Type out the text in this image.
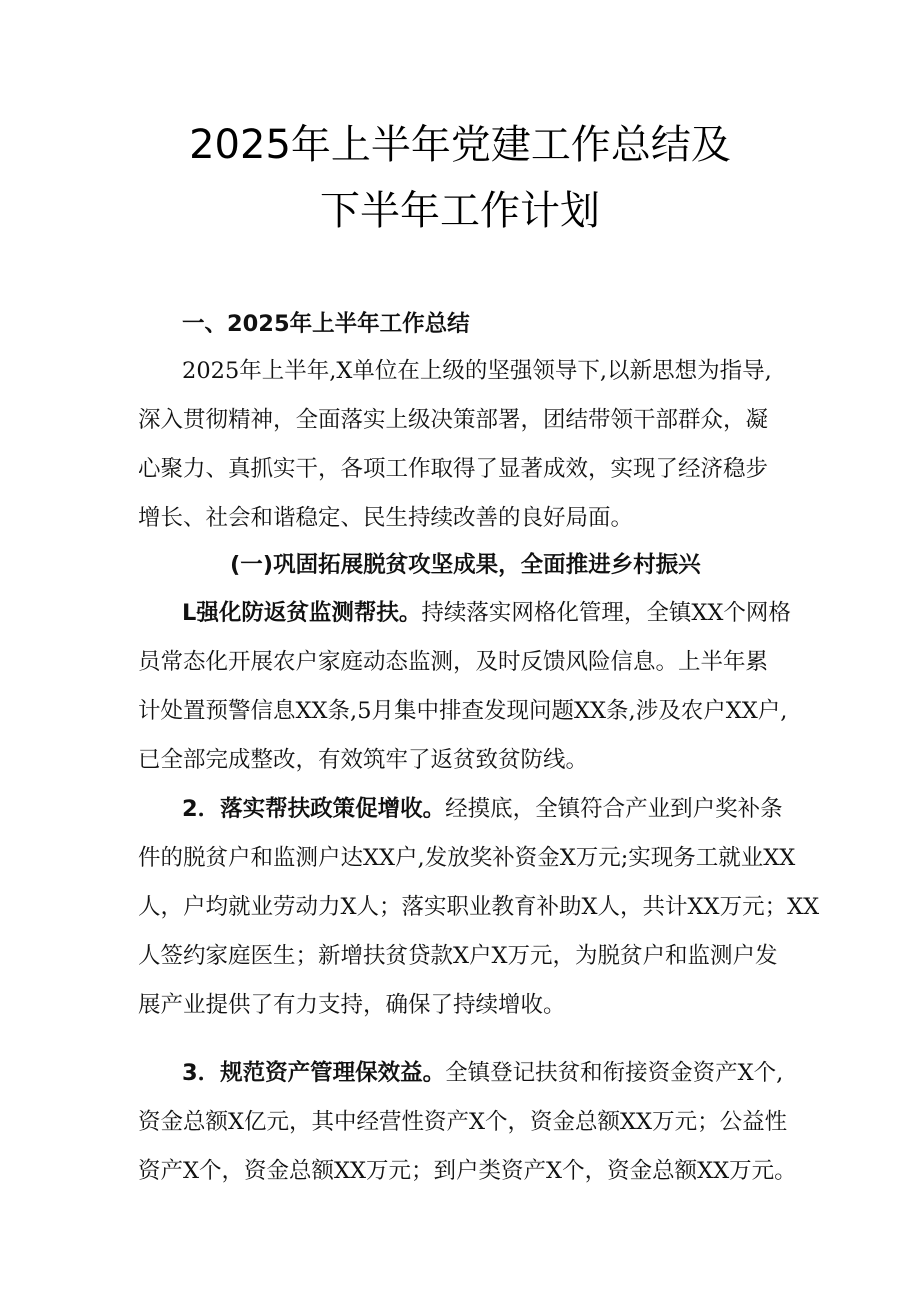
2025年上半年党建工作总结及
下半年工作计划
一、2025年上半年工作总结
2025年上半年,X单位在上级的坚强领导下,以新思想为指导,
深入贯彻精神，全面落实上级决策部署，团结带领干部群众，凝
心聚力、真抓实干，各项工作取得了显著成效，实现了经济稳步
增长、社会和谐稳定、民生持续改善的良好局面。
(一)巩固拓展脱贫攻坚成果，全面推进乡村振兴
L强化防返贫监测帮扶。持续落实网格化管理，全镇XX个网格
员常态化开展农户家庭动态监测，及时反馈风险信息。上半年累
计处置预警信息XX条,5月集中排查发现问题XX条,涉及农户XX户,
已全部完成整改，有效筑牢了返贫致贫防线。
2．落实帮扶政策促增收。经摸底，全镇符合产业到户奖补条
件的脱贫户和监测户达XX户,发放奖补资金X万元;实现务工就业XX
人，户均就业劳动力X人；落实职业教育补助X人，共计XX万元；XX
人签约家庭医生；新增扶贫贷款X户X万元，为脱贫户和监测户发
展产业提供了有力支持，确保了持续增收。
3．规范资产管理保效益。全镇登记扶贫和衔接资金资产X个,
资金总额X亿元，其中经营性资产X个，资金总额XX万元；公益性
资产X个，资金总额XX万元；到户类资产X个，资金总额XX万元。
